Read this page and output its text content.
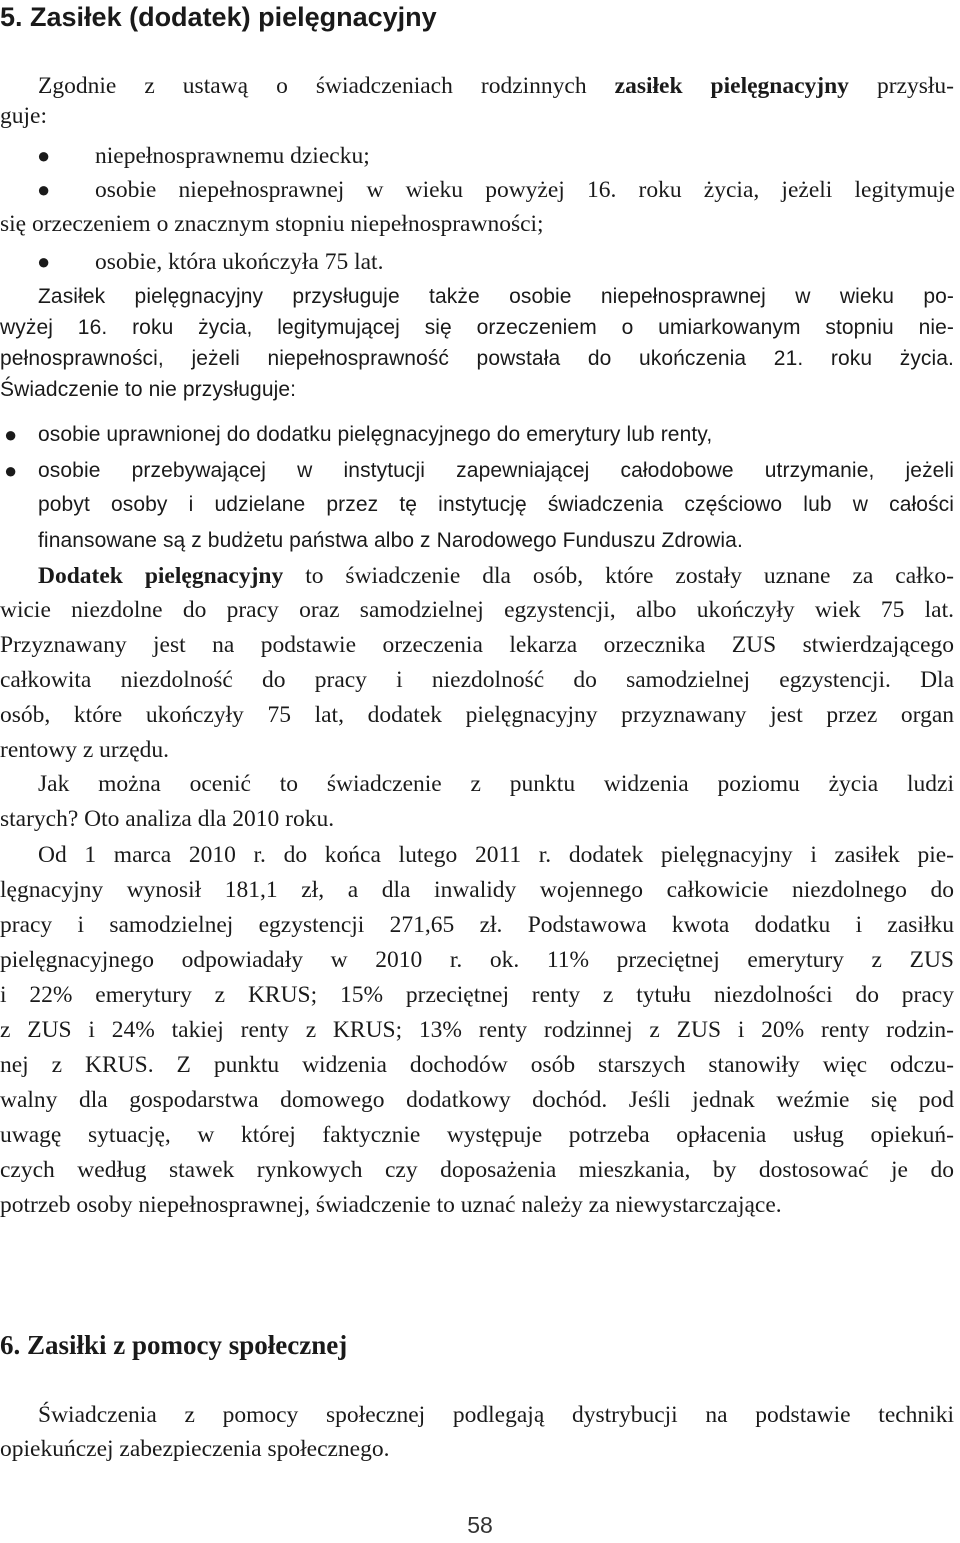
5. Zasiłek (dodatek) pielęgnacyjny
Zgodnie z ustawą o świadczeniach rodzinnych zasiłek pielęgnacyjny przysłu-
guje:
● niepełnosprawnemu dziecku;
● osobie niepełnosprawnej w wieku powyżej 16. roku życia, jeżeli legitymuje
się orzeczeniem o znacznym stopniu niepełnosprawności;
● osobie, która ukończyła 75 lat.
Zasiłek pielęgnacyjny przysługuje także osobie niepełnosprawnej w wieku po-
wyżej 16. roku życia, legitymującej się orzeczeniem o umiarkowanym stopniu nie-
pełnosprawności, jeżeli niepełnosprawność powstała do ukończenia 21. roku życia.
Świadczenie to nie przysługuje:
● osobie uprawnionej do dodatku pielęgnacyjnego do emerytury lub renty,
● osobie przebywającej w instytucji zapewniającej całodobowe utrzymanie, jeżeli
pobyt osoby i udzielane przez tę instytucję świadczenia częściowo lub w całości
finansowane są z budżetu państwa albo z Narodowego Funduszu Zdrowia.
Dodatek pielęgnacyjny to świadczenie dla osób, które zostały uznane za całko-
wicie niezdolne do pracy oraz samodzielnej egzystencji, albo ukończyły wiek 75 lat.
Przyznawany jest na podstawie orzeczenia lekarza orzecznika ZUS stwierdzającego
całkowita niezdolność do pracy i niezdolność do samodzielnej egzystencji. Dla
osób, które ukończyły 75 lat, dodatek pielęgnacyjny przyznawany jest przez organ
rentowy z urzędu.
Jak można ocenić to świadczenie z punktu widzenia poziomu życia ludzi
starych? Oto analiza dla 2010 roku.
Od 1 marca 2010 r. do końca lutego 2011 r. dodatek pielęgnacyjny i zasiłek pie-
lęgnacyjny wynosił 181,1 zł, a dla inwalidy wojennego całkowicie niezdolnego do
pracy i samodzielnej egzystencji 271,65 zł. Podstawowa kwota dodatku i zasiłku
pielęgnacyjnego odpowiadały w 2010 r. ok. 11% przeciętnej emerytury z ZUS
i 22% emerytury z KRUS; 15% przeciętnej renty z tytułu niezdolności do pracy
z ZUS i 24% takiej renty z KRUS; 13% renty rodzinnej z ZUS i 20% renty rodzin-
nej z KRUS. Z punktu widzenia dochodów osób starszych stanowiły więc odczu-
walny dla gospodarstwa domowego dodatkowy dochód. Jeśli jednak weźmie się pod
uwagę sytuację, w której faktycznie występuje potrzeba opłacenia usług opiekuń-
czych według stawek rynkowych czy doposażenia mieszkania, by dostosować je do
potrzeb osoby niepełnosprawnej, świadczenie to uznać należy za niewystarczające.
6. Zasiłki z pomocy społecznej
Świadczenia z pomocy społecznej podlegają dystrybucji na podstawie techniki
opiekuńczej zabezpieczenia społecznego.
58
